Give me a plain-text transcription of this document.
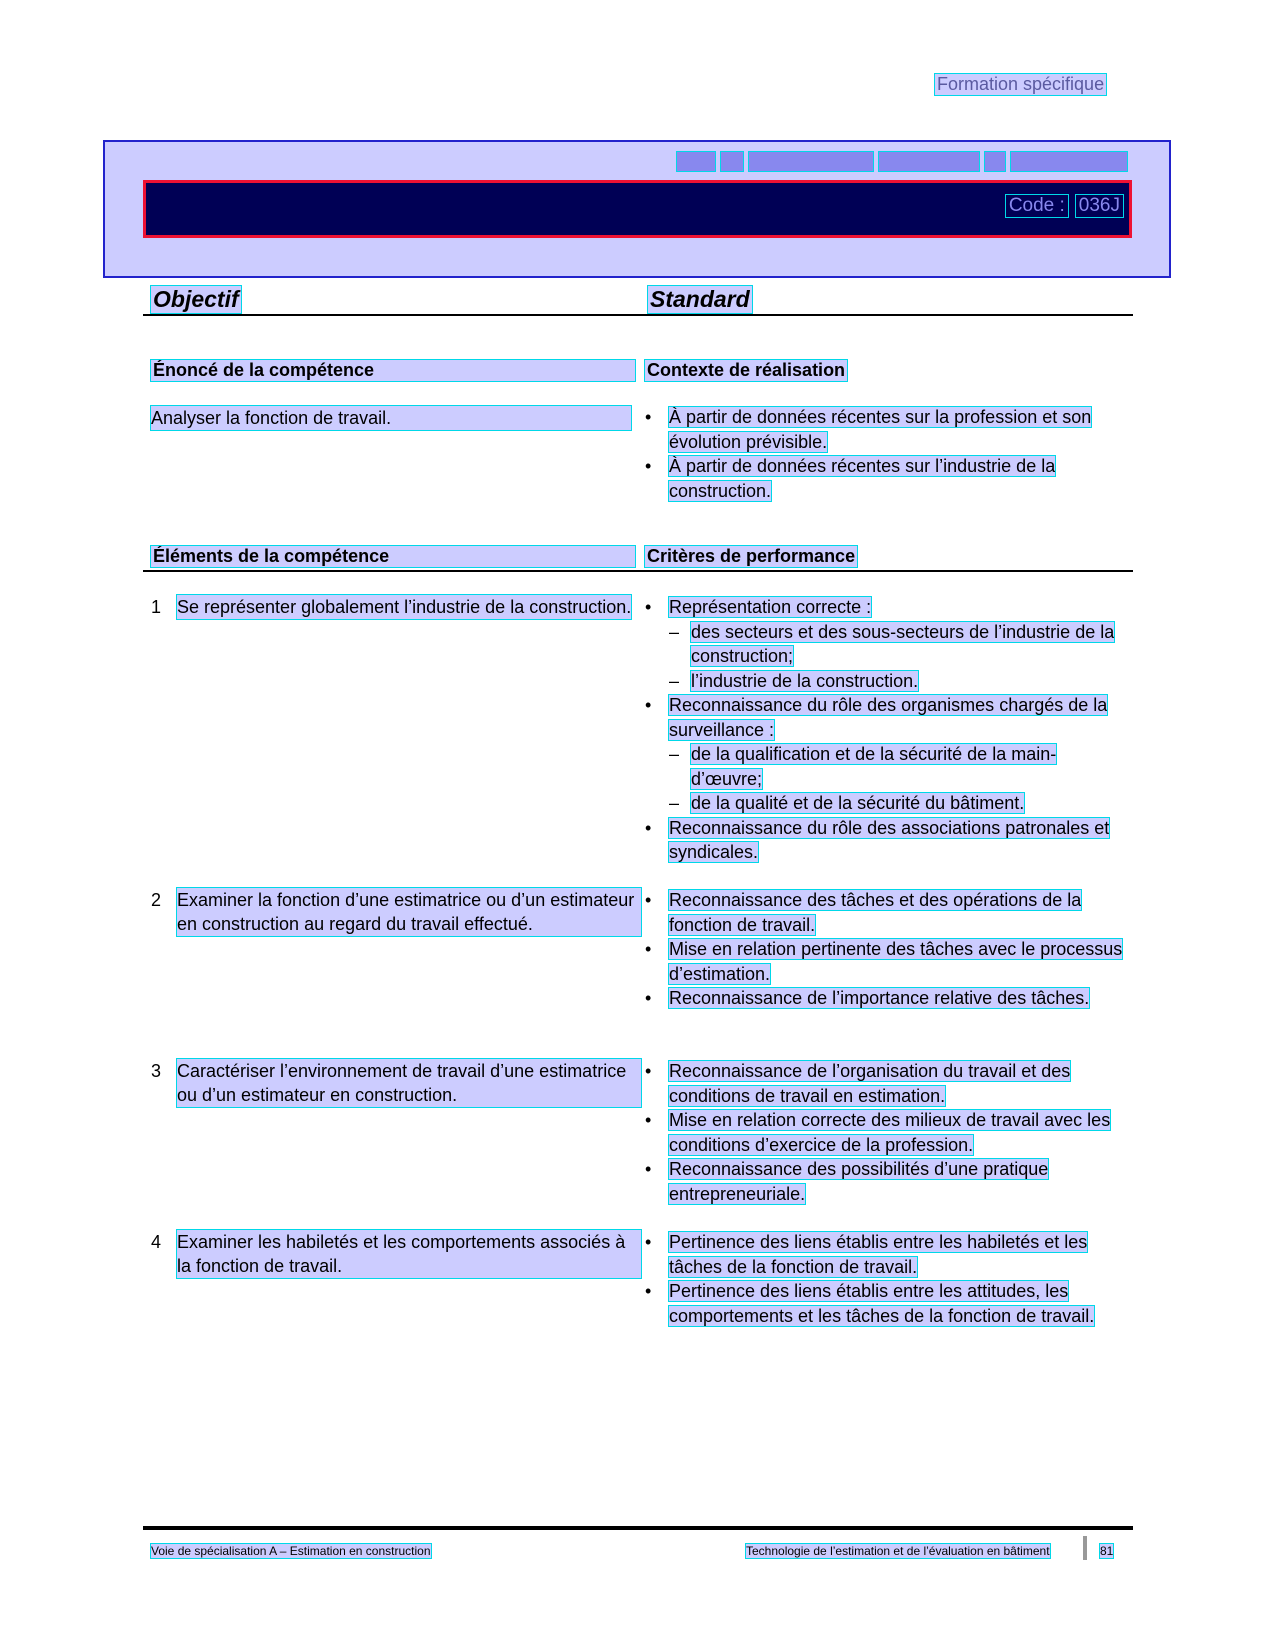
Formation spécifique
Code : 036J
Objectif	Standard
Énoncé de la compétence	Contexte de réalisation
Analyser la fonction de travail.	• À partir de données récentes sur la profession et son évolution prévisible.
• À partir de données récentes sur l’industrie de la construction.
Éléments de la compétence	Critères de performance
1 Se représenter globalement l’industrie de la construction.	• Représentation correcte :
– des secteurs et des sous-secteurs de l’industrie de la construction;
– l’industrie de la construction.
• Reconnaissance du rôle des organismes chargés de la surveillance :
– de la qualification et de la sécurité de la main-d’œuvre;
– de la qualité et de la sécurité du bâtiment.
• Reconnaissance du rôle des associations patronales et syndicales.
2 Examiner la fonction d’une estimatrice ou d’un estimateur en construction au regard du travail effectué.
• Reconnaissance des tâches et des opérations de la fonction de travail.
• Mise en relation pertinente des tâches avec le processus d’estimation.
• Reconnaissance de l’importance relative des tâches.
3 Caractériser l’environnement de travail d’une estimatrice ou d’un estimateur en construction.
• Reconnaissance de l’organisation du travail et des conditions de travail en estimation.
• Mise en relation correcte des milieux de travail avec les conditions d’exercice de la profession.
• Reconnaissance des possibilités d’une pratique entrepreneuriale.
4 Examiner les habiletés et les comportements associés à la fonction de travail.
• Pertinence des liens établis entre les habiletés et les tâches de la fonction de travail.
• Pertinence des liens établis entre les attitudes, les comportements et les tâches de la fonction de travail.
Voie de spécialisation A – Estimation en construction	Technologie de l’estimation et de l’évaluation en bâtiment	81
